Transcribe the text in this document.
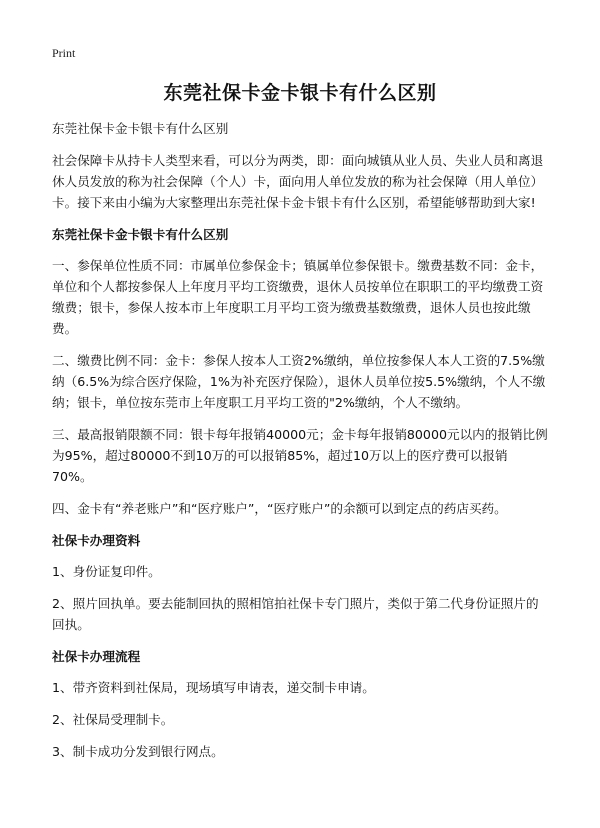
Print
东莞社保卡金卡银卡有什么区别

东莞社保卡金卡银卡有什么区别

社会保障卡从持卡人类型来看，可以分为两类，即：面向城镇从业人员、失业人员和离退休人员发放的称为社会保障（个人）卡，面向用人单位发放的称为社会保障（用人单位）卡。接下来由小编为大家整理出东莞社保卡金卡银卡有什么区别，希望能够帮助到大家!

东莞社保卡金卡银卡有什么区别

一、参保单位性质不同：市属单位参保金卡；镇属单位参保银卡。缴费基数不同：金卡，单位和个人都按参保人上年度月平均工资缴费，退休人员按单位在职职工的平均缴费工资缴费；银卡，参保人按本市上年度职工月平均工资为缴费基数缴费，退休人员也按此缴费。

二、缴费比例不同：金卡：参保人按本人工资2%缴纳，单位按参保人本人工资的7.5%缴纳（6.5%为综合医疗保险，1%为补充医疗保险），退休人员单位按5.5%缴纳，个人不缴纳；银卡，单位按东莞市上年度职工月平均工资的"2%缴纳，个人不缴纳。

三、最高报销限额不同：银卡每年报销40000元；金卡每年报销80000元以内的报销比例为95%，超过80000不到10万的可以报销85%，超过10万以上的医疗费可以报销70%。

四、金卡有“养老账户”和“医疗账户”，“医疗账户”的余额可以到定点的药店买药。

社保卡办理资料

1、身份证复印件。

2、照片回执单。要去能制回执的照相馆拍社保卡专门照片，类似于第二代身份证照片的回执。

社保卡办理流程

1、带齐资料到社保局，现场填写申请表，递交制卡申请。

2、社保局受理制卡。

3、制卡成功分发到银行网点。
